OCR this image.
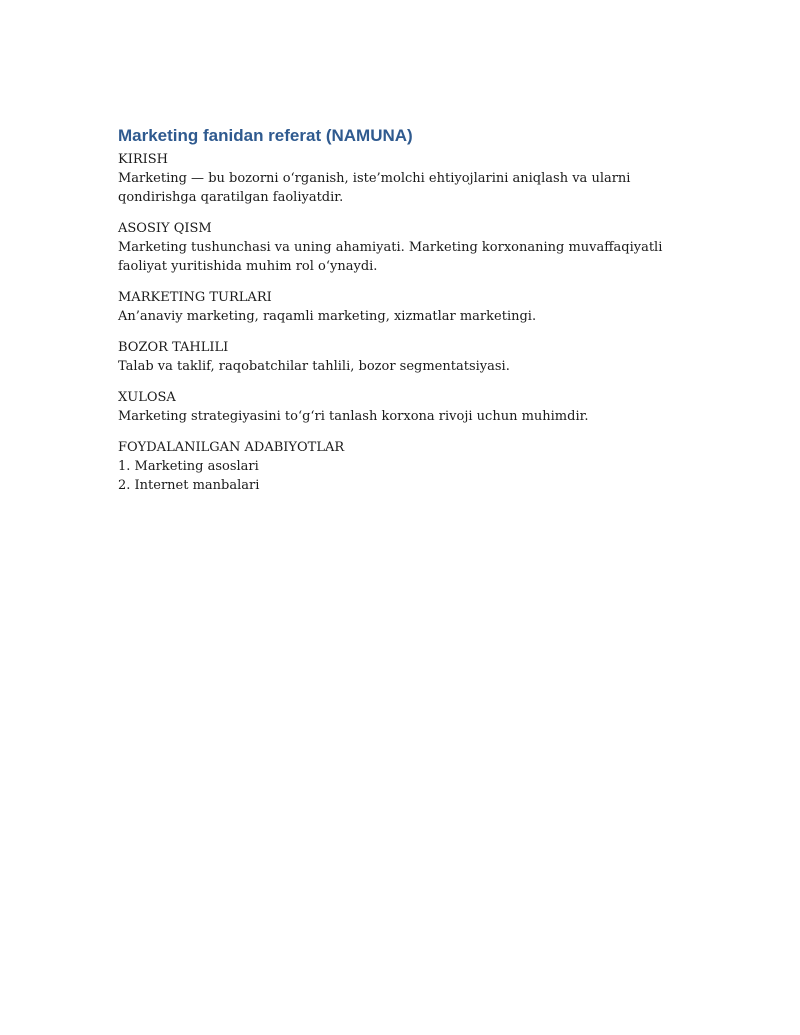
Marketing fanidan referat (NAMUNA)

KIRISH

Marketing — bu bozorni o‘rganish, iste’molchi ehtiyojlarini aniqlash va ularni qondirishga qaratilgan faoliyatdir.

ASOSIY QISM

Marketing tushunchasi va uning ahamiyati. Marketing korxonaning muvaffaqiyatli faoliyat yuritishida muhim rol o‘ynaydi.

MARKETING TURLARI

An’anaviy marketing, raqamli marketing, xizmatlar marketingi.

BOZOR TAHLILI

Talab va taklif, raqobatchilar tahlili, bozor segmentatsiyasi.

XULOSA

Marketing strategiyasini to‘g‘ri tanlash korxona rivoji uchun muhimdir.

FOYDALANILGAN ADABIYOTLAR

1. Marketing asoslari
2. Internet manbalari
